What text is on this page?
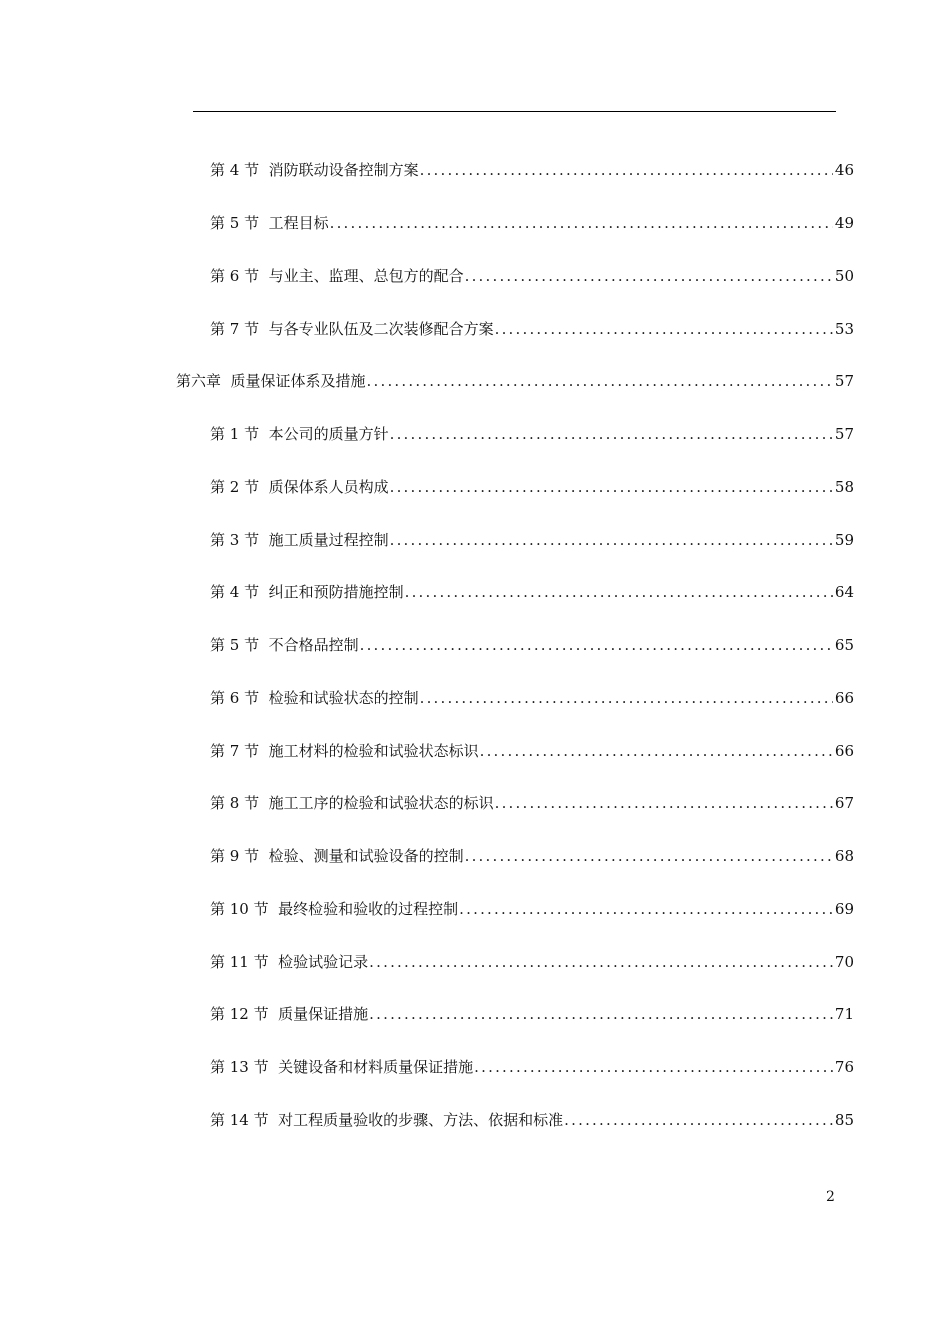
第 4 节  消防联动设备控制方案 .....	46
第 5 节  工程目标 .....	49
第 6 节  与业主、监理、总包方的配合 .....	50
第 7 节  与各专业队伍及二次装修配合方案 .....	53
第六章  质量保证体系及措施 .....	57
第 1 节  本公司的质量方针 .....	57
第 2 节  质保体系人员构成 .....	58
第 3 节  施工质量过程控制 .....	59
第 4 节  纠正和预防措施控制 .....	64
第 5 节  不合格品控制 .....	65
第 6 节  检验和试验状态的控制 .....	66
第 7 节  施工材料的检验和试验状态标识 .....	66
第 8 节  施工工序的检验和试验状态的标识 .....	67
第 9 节  检验、测量和试验设备的控制 .....	68
第 10 节  最终检验和验收的过程控制 .....	69
第 11 节  检验试验记录 .....	70
第 12 节  质量保证措施 .....	71
第 13 节  关键设备和材料质量保证措施 .....	76
第 14 节  对工程质量验收的步骤、方法、依据和标准 .....	85
2
